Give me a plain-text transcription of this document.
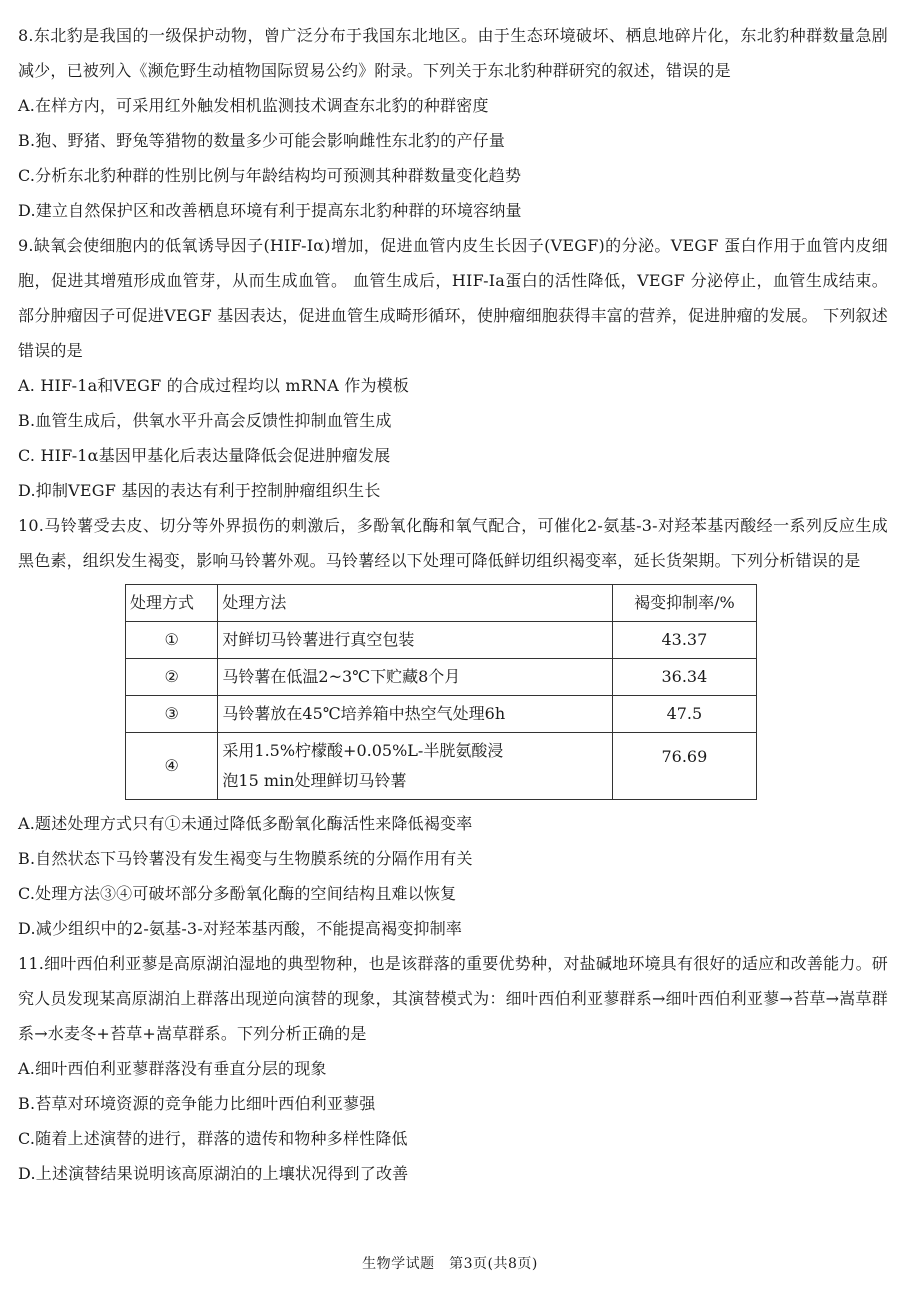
8.东北豹是我国的一级保护动物，曾广泛分布于我国东北地区。由于生态环境破坏、栖息地碎片化，东北豹种群数量急剧减少，已被列入《濒危野生动植物国际贸易公约》附录。下列关于东北豹种群研究的叙述，错误的是

A.在样方内，可采用红外触发相机监测技术调查东北豹的种群密度

B.狍、野猪、野兔等猎物的数量多少可能会影响雌性东北豹的产仔量

C.分析东北豹种群的性别比例与年龄结构均可预测其种群数量变化趋势

D.建立自然保护区和改善栖息环境有利于提高东北豹种群的环境容纳量

9.缺氧会使细胞内的低氧诱导因子(HIF-Iα)增加，促进血管内皮生长因子(VEGF)的分泌。VEGF 蛋白作用于血管内皮细胞，促进其增殖形成血管芽，从而生成血管。 血管生成后，HIF-Ia蛋白的活性降低，VEGF 分泌停止，血管生成结束。 部分肿瘤因子可促进VEGF 基因表达，促进血管生成畸形循环，使肿瘤细胞获得丰富的营养，促进肿瘤的发展。 下列叙述错误的是

A. HIF-1a和VEGF 的合成过程均以 mRNA 作为模板

B.血管生成后，供氧水平升高会反馈性抑制血管生成

C. HIF-1α基因甲基化后表达量降低会促进肿瘤发展

D.抑制VEGF 基因的表达有利于控制肿瘤组织生长

10.马铃薯受去皮、切分等外界损伤的刺激后，多酚氧化酶和氧气配合，可催化2-氨基-3-对羟苯基丙酸经一系列反应生成黑色素，组织发生褐变，影响马铃薯外观。马铃薯经以下处理可降低鲜切组织褐变率，延长货架期。下列分析错误的是

处理方式	处理方法	褐变抑制率/%
①	对鲜切马铃薯进行真空包装	43.37
②	马铃薯在低温2~3℃下贮藏8个月	36.34
③	马铃薯放在45℃培养箱中热空气处理6h	47.5
④	采用1.5%柠檬酸+0.05%L-半胱氨酸浸
泡15 min处理鲜切马铃薯	76.69

A.题述处理方式只有①未通过降低多酚氧化酶活性来降低褐变率

B.自然状态下马铃薯没有发生褐变与生物膜系统的分隔作用有关

C.处理方法③④可破坏部分多酚氧化酶的空间结构且难以恢复

D.减少组织中的2-氨基-3-对羟苯基丙酸，不能提高褐变抑制率

11.细叶西伯利亚蓼是高原湖泊湿地的典型物种，也是该群落的重要优势种，对盐碱地环境具有很好的适应和改善能力。研究人员发现某高原湖泊上群落出现逆向演替的现象，其演替模式为：细叶西伯利亚蓼群系→细叶西伯利亚蓼→苔草→嵩草群系→水麦冬+苔草+嵩草群系。下列分析正确的是

A.细叶西伯利亚蓼群落没有垂直分层的现象

B.苔草对环境资源的竞争能力比细叶西伯利亚蓼强

C.随着上述演替的进行，群落的遗传和物种多样性降低

D.上述演替结果说明该高原湖泊的上壤状况得到了改善

生物学试题　第3页(共8页)
